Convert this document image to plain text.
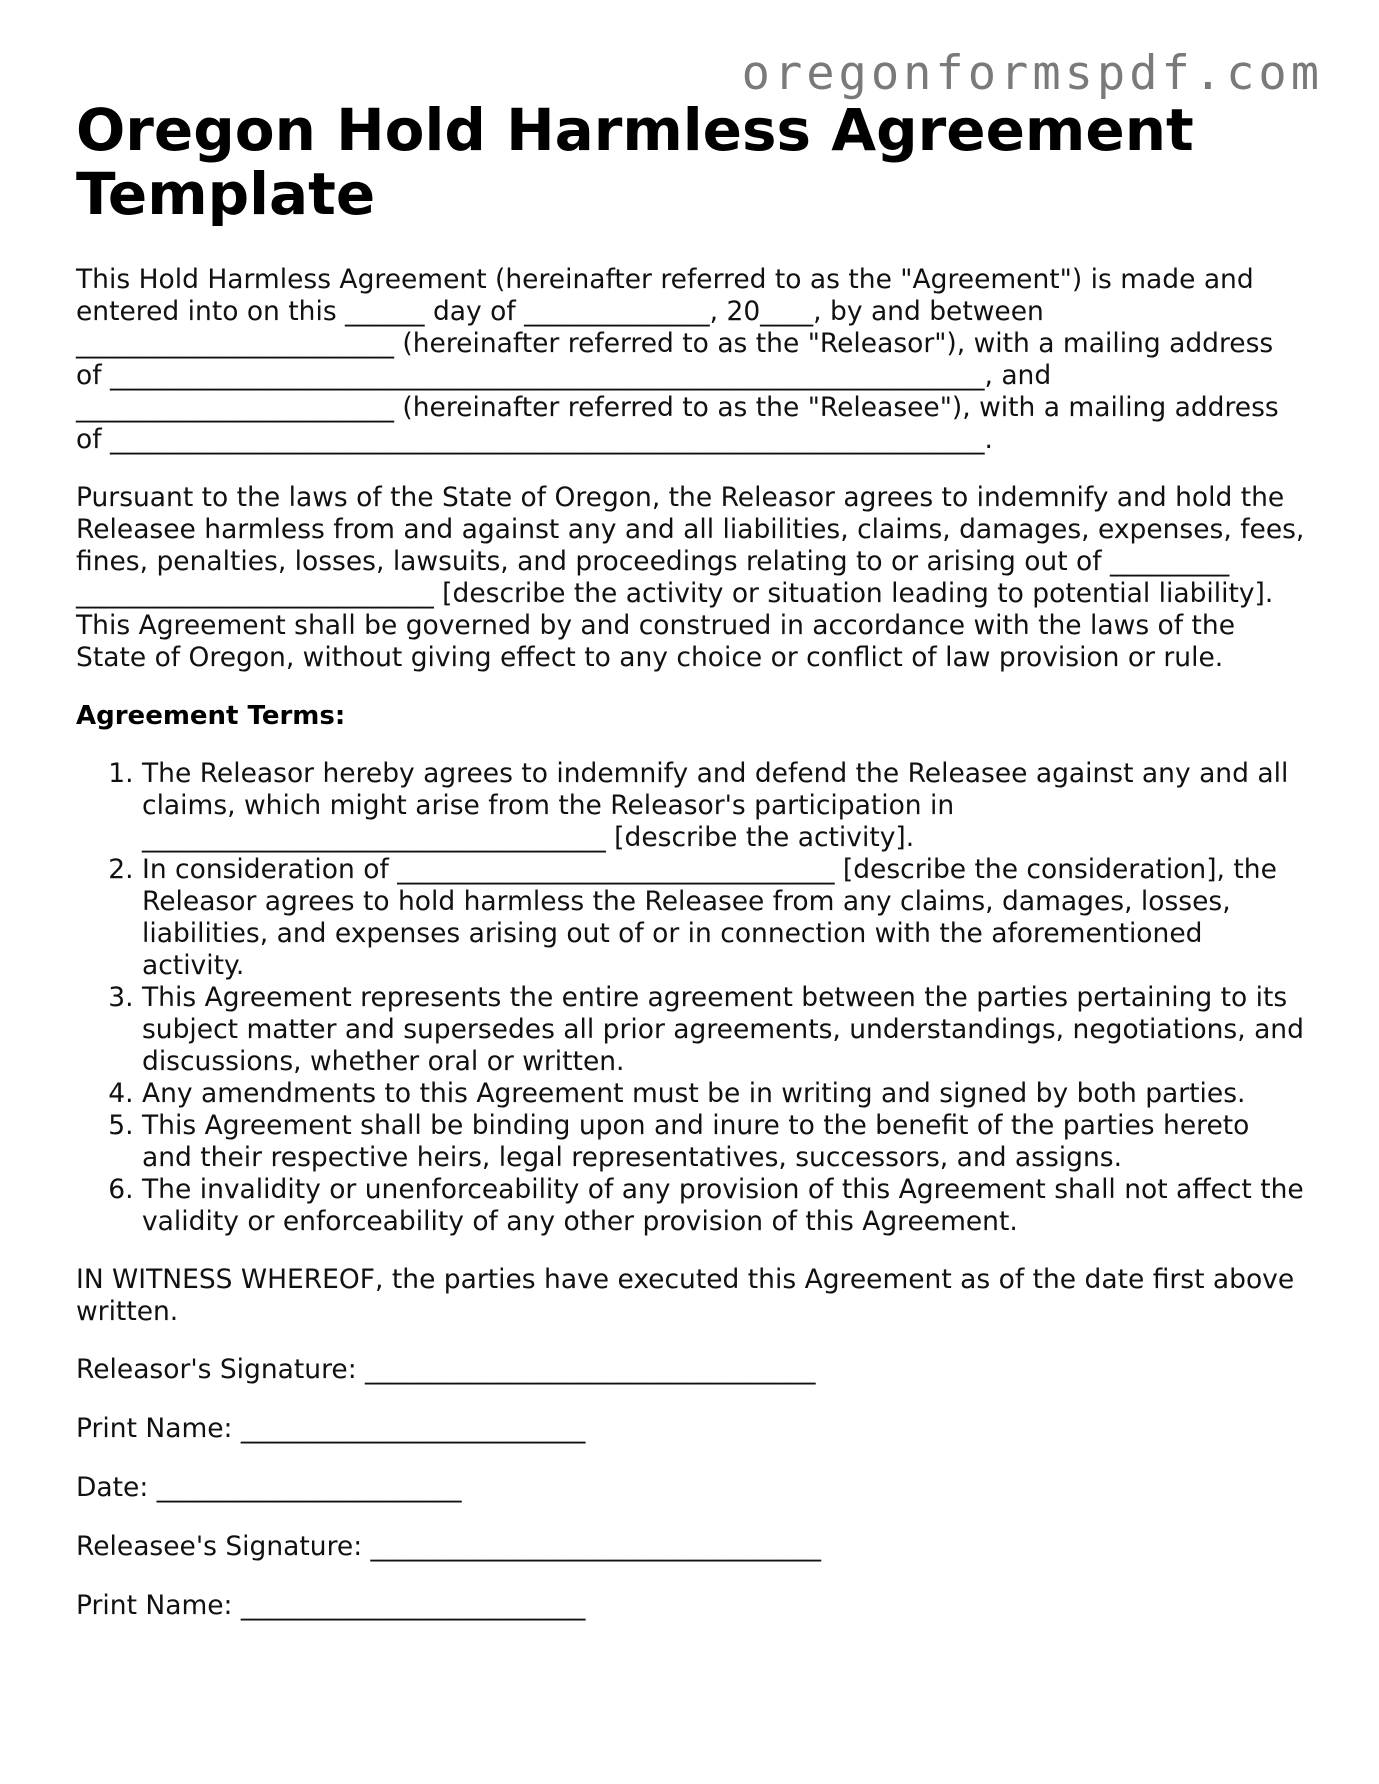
oregonformspdf.com
Oregon Hold Harmless Agreement Template

This Hold Harmless Agreement (hereinafter referred to as the "Agreement") is made and entered into on this ______ day of ______________, 20____, by and between ________________________ (hereinafter referred to as the "Releasor"), with a mailing address of __________________________________________________________________, and ________________________ (hereinafter referred to as the "Releasee"), with a mailing address of __________________________________________________________________.

Pursuant to the laws of the State of Oregon, the Releasor agrees to indemnify and hold the Releasee harmless from and against any and all liabilities, claims, damages, expenses, fees, fines, penalties, losses, lawsuits, and proceedings relating to or arising out of _________ ___________________________ [describe the activity or situation leading to potential liability]. This Agreement shall be governed by and construed in accordance with the laws of the State of Oregon, without giving effect to any choice or conflict of law provision or rule.

Agreement Terms:
1. The Releasor hereby agrees to indemnify and defend the Releasee against any and all claims, which might arise from the Releasor's participation in ___________________________________ [describe the activity].
2. In consideration of _________________________________ [describe the consideration], the Releasor agrees to hold harmless the Releasee from any claims, damages, losses, liabilities, and expenses arising out of or in connection with the aforementioned activity.
3. This Agreement represents the entire agreement between the parties pertaining to its subject matter and supersedes all prior agreements, understandings, negotiations, and discussions, whether oral or written.
4. Any amendments to this Agreement must be in writing and signed by both parties.
5. This Agreement shall be binding upon and inure to the benefit of the parties hereto and their respective heirs, legal representatives, successors, and assigns.
6. The invalidity or unenforceability of any provision of this Agreement shall not affect the validity or enforceability of any other provision of this Agreement.

IN WITNESS WHEREOF, the parties have executed this Agreement as of the date first above written.

Releasor's Signature: __________________________________
Print Name: __________________________
Date: _______________________
Releasee's Signature: __________________________________
Print Name: __________________________
